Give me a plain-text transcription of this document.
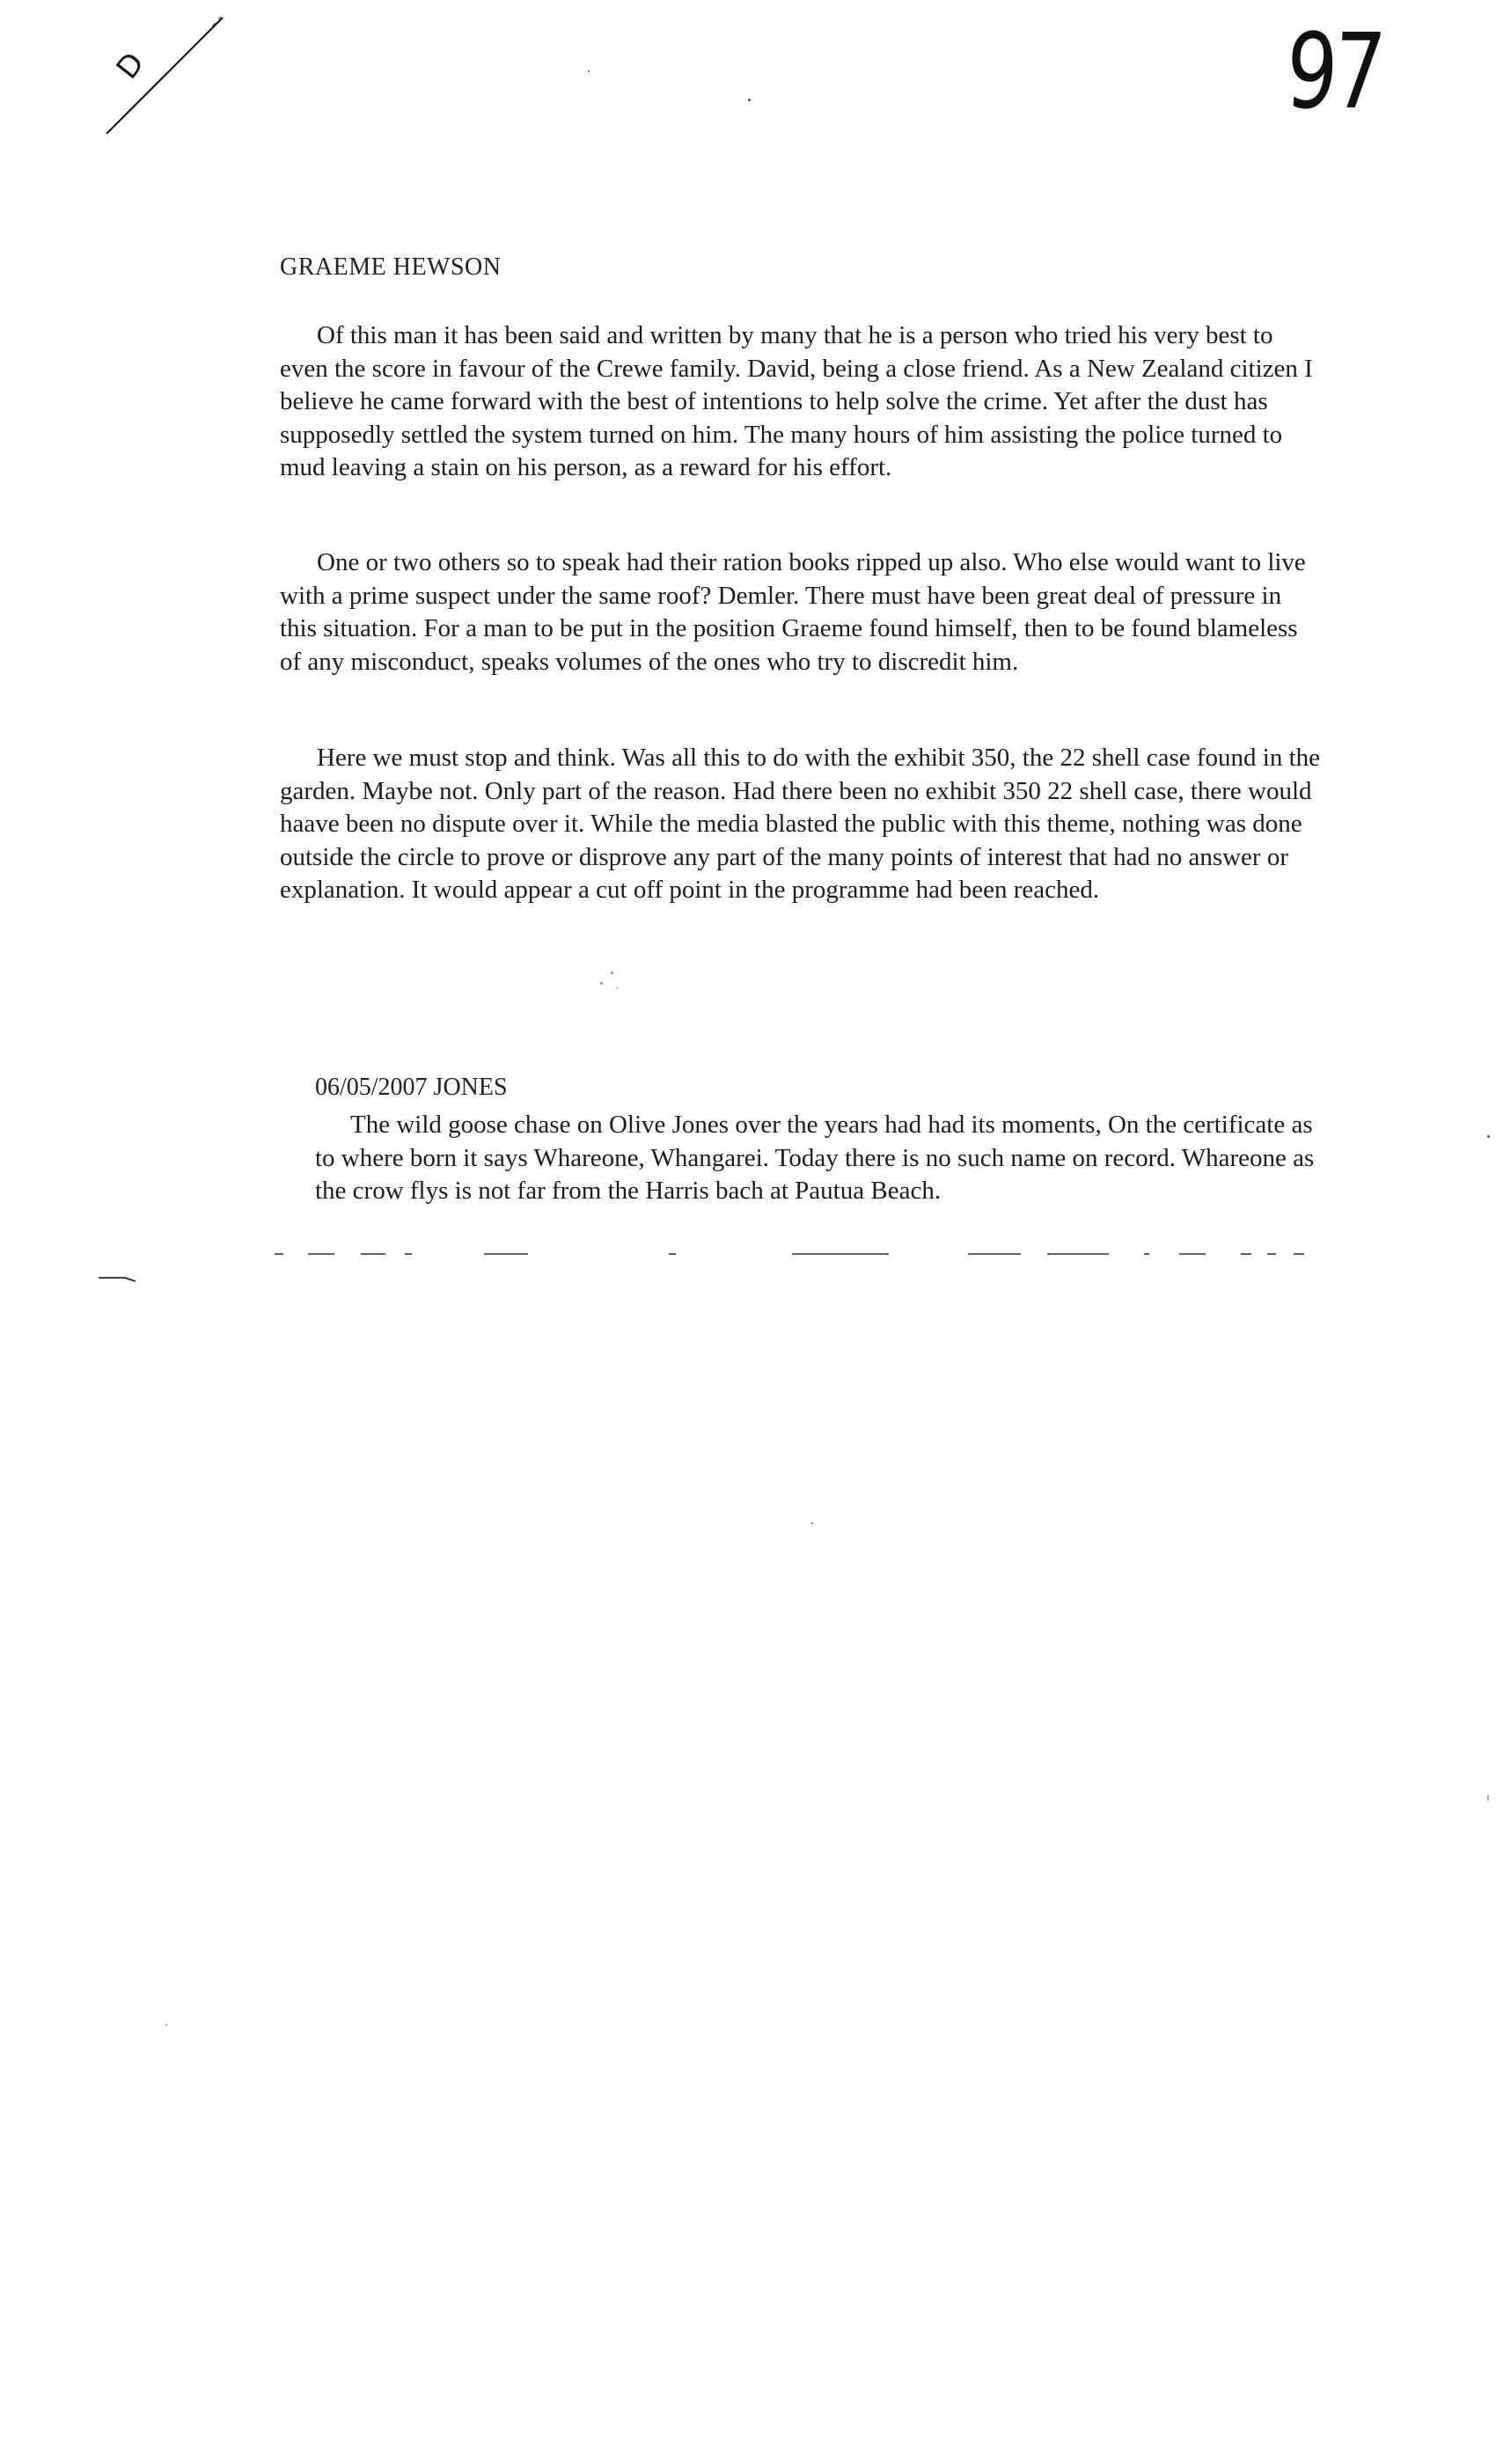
D	97
GRAEME HEWSON

Of this man it has been said and written by many that he is a person who tried his very best to even the score in favour of the Crewe family. David, being a close friend. As a New Zealand citizen I believe he came forward with the best of intentions to help solve the crime. Yet after the dust has supposedly settled the system turned on him. The many hours of him assisting the police turned to mud leaving a stain on his person, as a reward for his effort.

One or two others so to speak had their ration books ripped up also. Who else would want to live with a prime suspect under the same roof? Demler. There must have been great deal of pressure in this situation. For a man to be put in the position Graeme found himself, then to be found blameless of any misconduct, speaks volumes of the ones who try to discredit him.

Here we must stop and think. Was all this to do with the exhibit 350, the 22 shell case found in the garden. Maybe not. Only part of the reason. Had there been no exhibit 350 22 shell case, there would haave been no dispute over it. While the media blasted the public with this theme, nothing was done outside the circle to prove or disprove any part of the many points of interest that had no answer or explanation. It would appear a cut off point in the programme had been reached.

06/05/2007 JONES

The wild goose chase on Olive Jones over the years had had its moments, On the certificate as to where born it says Whareone, Whangarei. Today there is no such name on record. Whareone as the crow flys is not far from the Harris bach at Pautua Beach.
